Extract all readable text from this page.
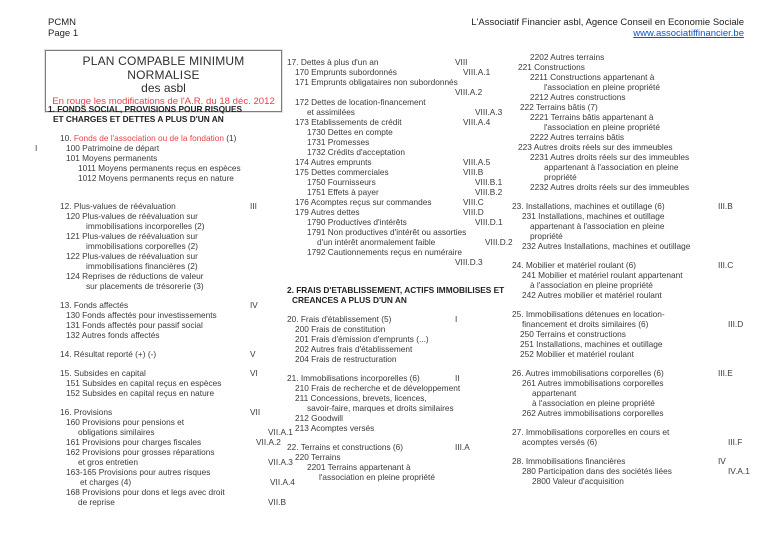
PCMN
Page 1
L'Associatif Financier asbl, Agence Conseil en Economie Sociale
www.associatiffinancier.be
PLAN COMPABLE MINIMUM NORMALISE
des asbl
En rouge les modifications de l'A.R. du 18 déc. 2012
1. FONDS SOCIAL, PROVISIONS POUR RISQUES
ET CHARGES ET DETTES A PLUS D'UN AN
10. Fonds de l'association ou de la fondation (1)
I	100 Patrimoine de départ
101 Moyens permanents
1011 Moyens permanents reçus en espèces
1012 Moyens permanents reçus en nature
12. Plus-values de réévaluation	III
120 Plus-values de réévaluation sur
immobilisations incorporelles (2)
121 Plus-values de réévaluation sur
immobilisations corporelles (2)
122 Plus-values de réévaluation sur
immobilisations financières (2)
124 Reprises de réductions de valeur
sur placements de trésorerie (3)
13. Fonds affectés	IV
130 Fonds affectés pour investissements
131 Fonds affectés pour passif social
132 Autres fonds affectés
14. Résultat reporté (+) (-)	V
15. Subsides en capital	VI
151 Subsides en capital reçus en espèces
152 Subsides en capital reçus en nature
16. Provisions	VII
160 Provisions pour pensions et
obligations similaires	VII.A.1
161 Provisions pour charges fiscales	VII.A.2
162 Provisions pour grosses réparations
et gros entretien	VII.A.3
163-165 Provisions pour autres risques
et charges (4)	VII.A.4
168 Provisions pour dons et legs avec droit
de reprise	VII.B
17. Dettes à plus d'un an	VIII
170 Emprunts subordonnés	VIII.A.1
171 Emprunts obligataires non subordonnés
VIII.A.2
172 Dettes de location-financement
et assimilées	VIII.A.3
173 Etablissements de crédit	VIII.A.4
1730 Dettes en compte
1731 Promesses
1732 Crédits d'acceptation
174 Autres emprunts	VIII.A.5
175 Dettes commerciales	VIII.B
1750 Fournisseurs	VIII.B.1
1751 Effets à payer	VIII.B.2
176 Acomptes reçus sur commandes	VIII.C
179 Autres dettes	VIII.D
1790 Productives d'intérêts	VIII.D.1
1791 Non productives d'intérêt ou assorties
d'un intérêt anormalement faible	VIII.D.2
1792 Cautionnements reçus en numéraire
VIII.D.3
2. FRAIS D'ETABLISSEMENT, ACTIFS IMMOBILISES ET
CREANCES A PLUS D'UN AN
20. Frais d'établissement (5)	I
200 Frais de constitution
201 Frais d'émission d'emprunts (...)
202 Autres frais d'établissement
204 Frais de restructuration
21. Immobilisations incorporelles (6)	II
210 Frais de recherche et de développement
211 Concessions, brevets, licences,
savoir-faire, marques et droits similaires
212 Goodwill
213 Acomptes versés
22. Terrains et constructions (6)	III.A
220 Terrains
2201 Terrains appartenant à
l'association en pleine propriété
2202 Autres terrains
221 Constructions
2211 Constructions appartenant à
l'association en pleine propriété
2212 Autres constructions
222 Terrains bâtis (7)
2221 Terrains bâtis appartenant à
l'association en pleine propriété
2222 Autres terrains bâtis
223 Autres droits réels sur des immeubles
2231 Autres droits réels sur des immeubles
appartenant à l'association en pleine
propriété
2232 Autres droits réels sur des immeubles
23. Installations, machines et outillage (6)	III.B
231 Installations, machines et outillage
appartenant à l'association en pleine
propriété
232 Autres Installations, machines et outillage
24. Mobilier et matériel roulant (6)	III.C
241 Mobilier et matériel roulant appartenant
à l'association en pleine propriété
242 Autres mobilier et matériel roulant
25. Immobilisations détenues en location-
financement et droits similaires (6)	III.D
250 Terrains et constructions
251 Installations, machines et outillage
252 Mobilier et matériel roulant
26. Autres immobilisations corporelles (6)	III.E
261 Autres immobilisations corporelles
appartenant
à l'association en pleine propriété
262 Autres immobilisations corporelles
27. Immobilisations corporelles en cours et
acomptes versés (6)	III.F
28. Immobilisations financières	IV
280 Participation dans des sociétés liées	IV.A.1
2800 Valeur d'acquisition
